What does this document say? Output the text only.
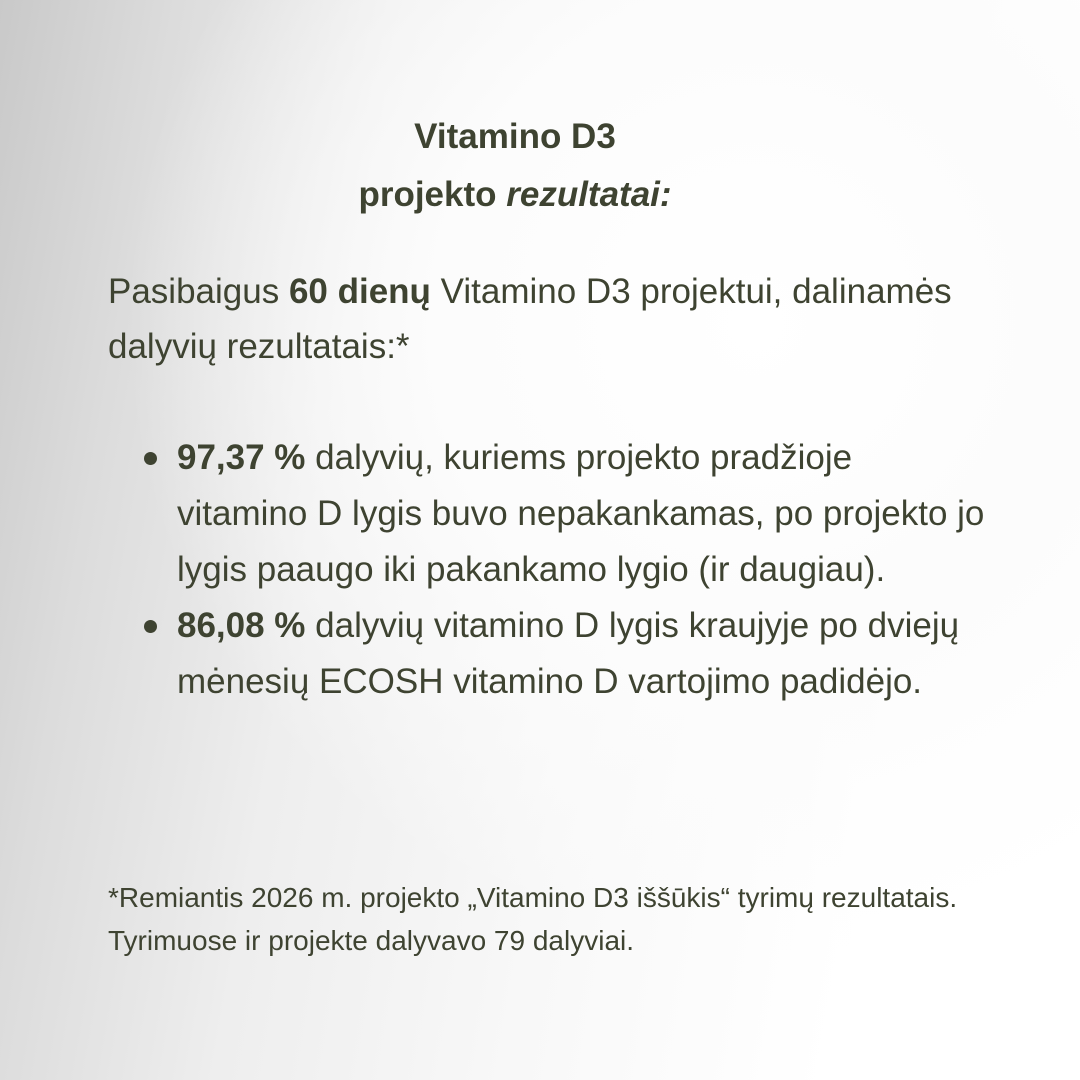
Vitamino D3
projekto rezultatai:
Pasibaigus 60 dienų Vitamino D3 projektui, dalinamės dalyvių rezultatais:*
97,37 % dalyvių, kuriems projekto pradžioje vitamino D lygis buvo nepakankamas, po projekto jo lygis paaugo iki pakankamo lygio (ir daugiau).
86,08 % dalyvių vitamino D lygis kraujyje po dviejų mėnesių ECOSH vitamino D vartojimo padidėjo.
*Remiantis 2026 m. projekto „Vitamino D3 iššūkis“ tyrimų rezultatais. Tyrimuose ir projekte dalyvavo 79 dalyviai.
